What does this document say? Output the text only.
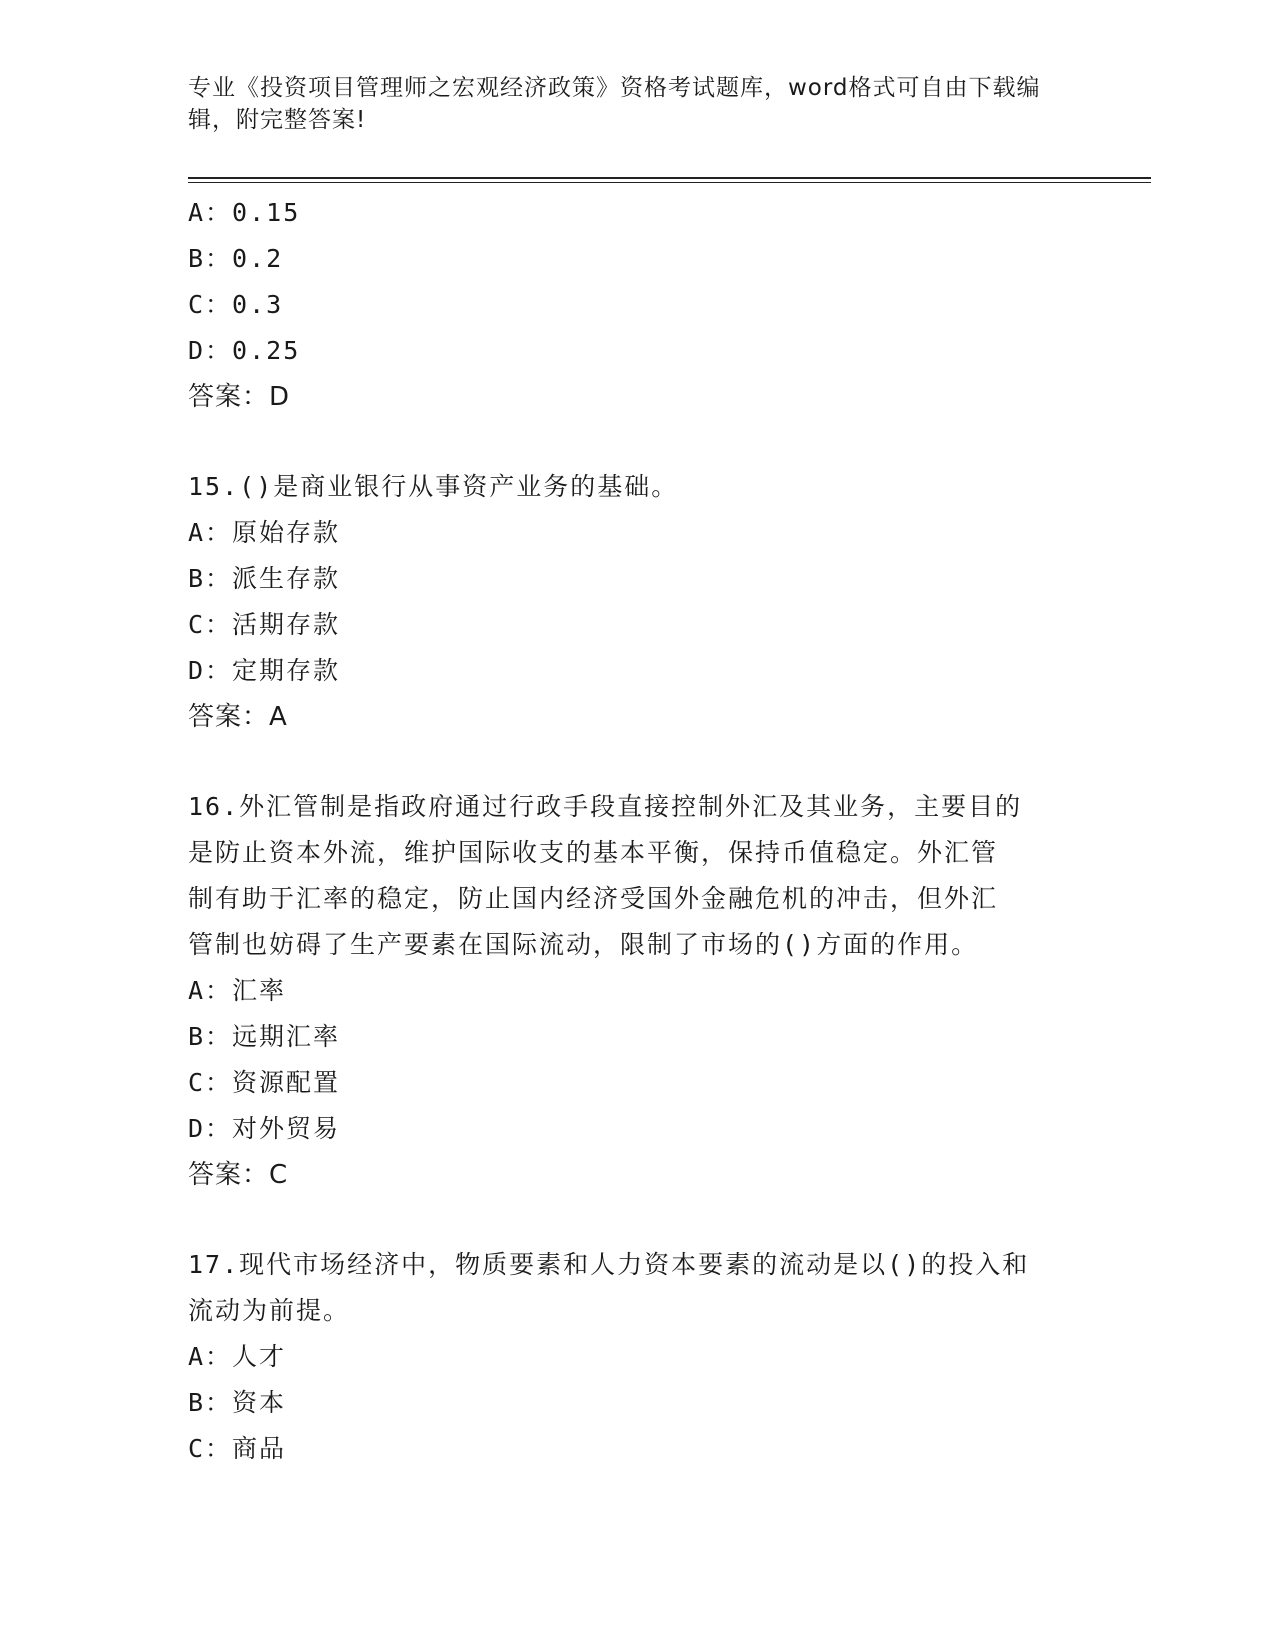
专业《投资项目管理师之宏观经济政策》资格考试题库，word格式可自由下载编
辑，附完整答案!
A：0.15
B：0.2
C：0.3
D：0.25
答案：D
15.()是商业银行从事资产业务的基础。
A：原始存款
B：派生存款
C：活期存款
D：定期存款
答案：A
16.外汇管制是指政府通过行政手段直接控制外汇及其业务，主要目的
是防止资本外流，维护国际收支的基本平衡，保持币值稳定。外汇管
制有助于汇率的稳定，防止国内经济受国外金融危机的冲击，但外汇
管制也妨碍了生产要素在国际流动，限制了市场的()方面的作用。
A：汇率
B：远期汇率
C：资源配置
D：对外贸易
答案：C
17.现代市场经济中，物质要素和人力资本要素的流动是以()的投入和
流动为前提。
A：人才
B：资本
C：商品
